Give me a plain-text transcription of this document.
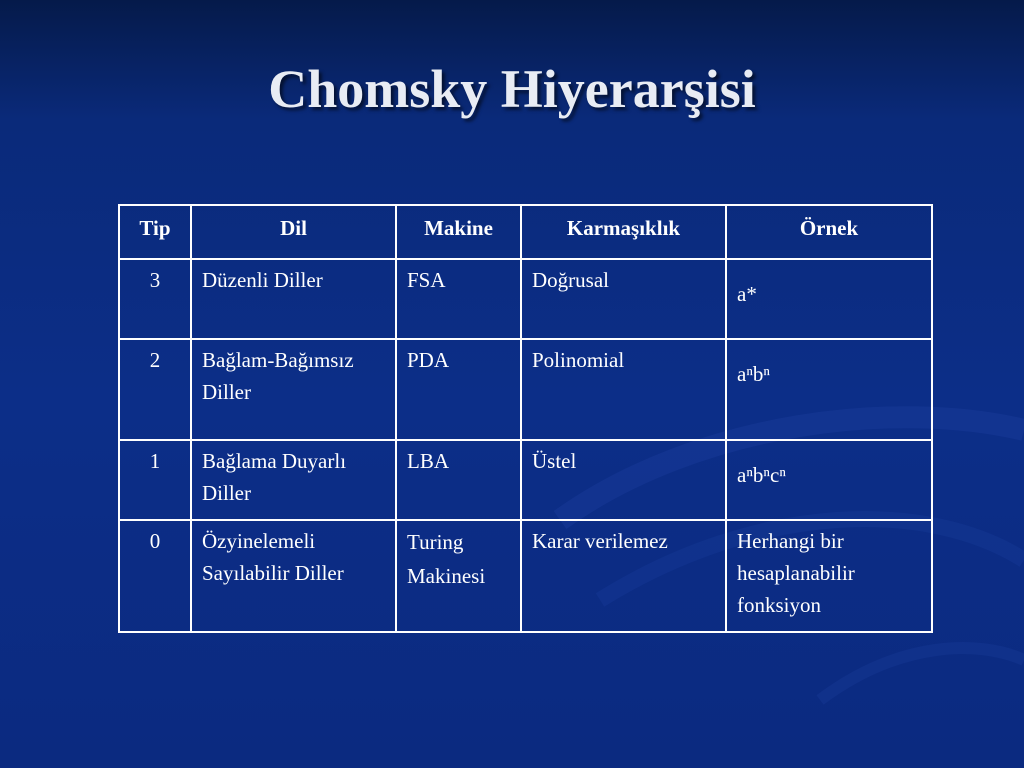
Chomsky Hiyerarşisi
Tip	Dil	Makine	Karmaşıklık	Örnek
3	Düzenli Diller	FSA	Doğrusal	a*
2	Bağlam-Bağımsız Diller	PDA	Polinomial	aⁿbⁿ
1	Bağlama Duyarlı Diller	LBA	Üstel	aⁿbⁿcⁿ
0	Özyinelemeli Sayılabilir Diller	Turing Makinesi	Karar verilemez	Herhangi bir hesaplanabilir fonksiyon
